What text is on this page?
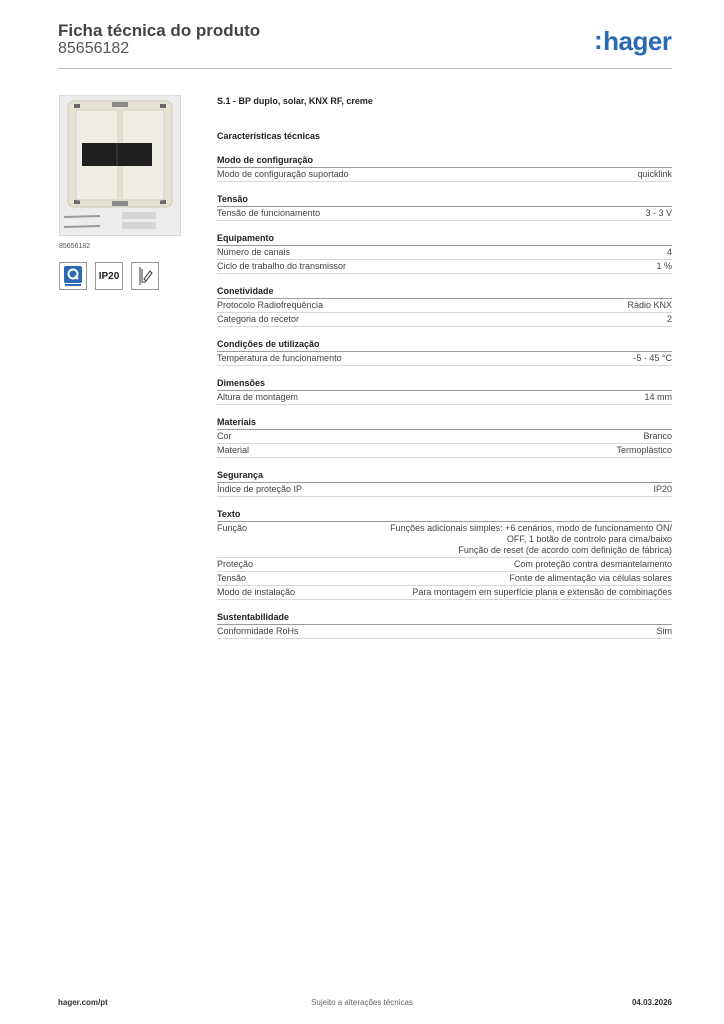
Ficha técnica do produto
85656182	:hager
85656182
IP20
S.1 - BP duplo, solar, KNX RF, creme
Características técnicas
Modo de configuração
Modo de configuração suportado	quicklink
Tensão
Tensão de funcionamento	3 - 3 V
Equipamento
Número de canais	4
Ciclo de trabalho do transmissor	1 %
Conetividade
Protocolo Radiofrequência	Rádio KNX
Categoria do recetor	2
Condições de utilização
Temperatura de funcionamento	-5 - 45 °C
Dimensões
Altura de montagem	14 mm
Materiais
Cor	Branco
Material	Termoplástico
Segurança
Índice de proteção IP	IP20
Texto
Função	Funções adicionais simples: +6 cenários, modo de funcionamento ON/
OFF, 1 botão de controlo para cima/baixo
Função de reset (de acordo com definição de fábrica)
Proteção	Com proteção contra desmantelamento
Tensão	Fonte de alimentação via células solares
Modo de instalação	Para montagem em superfície plana e extensão de combinações
Sustentabilidade
Conformidade RoHs	Sim
hager.com/pt	Sujeito a alterações técnicas	04.03.2026
